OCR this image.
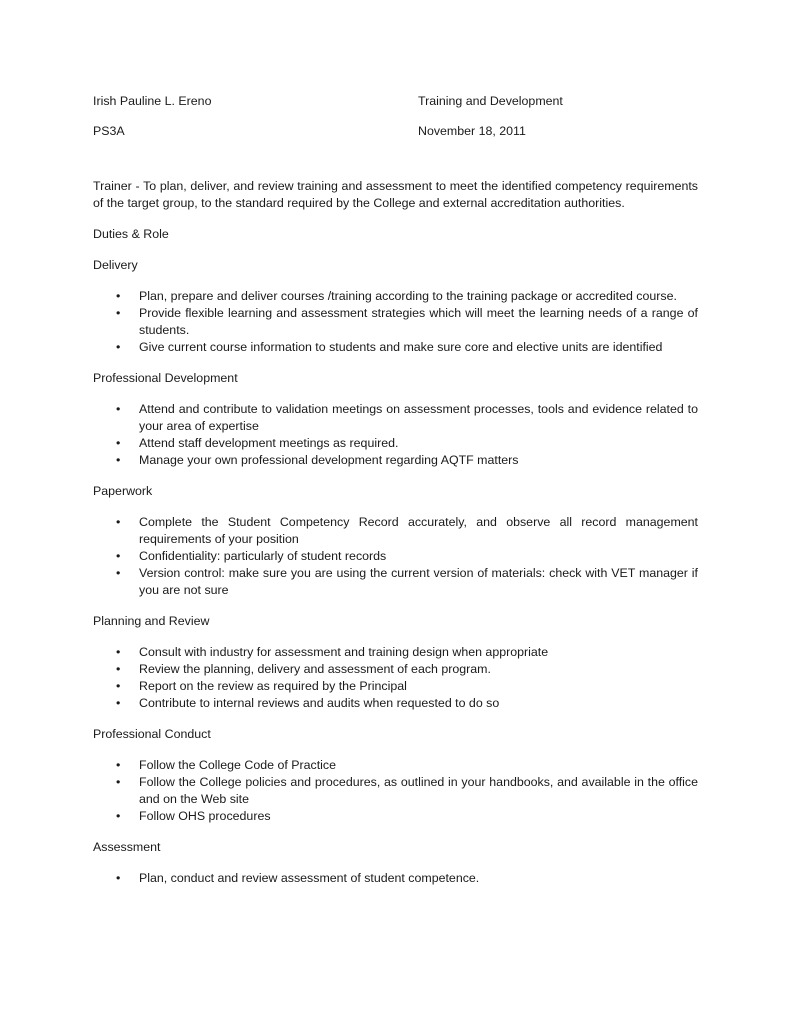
Irish Pauline L. Ereno	Training and Development
PS3A	November 18, 2011
Trainer - To plan, deliver, and review training and assessment to meet the identified competency requirements of the target group, to the standard required by the College and external accreditation authorities.
Duties & Role
Delivery
• Plan, prepare and deliver courses /training according to the training package or accredited course.
• Provide flexible learning and assessment strategies which will meet the learning needs of a range of students.
• Give current course information to students and make sure core and elective units are identified
Professional Development
• Attend and contribute to validation meetings on assessment processes, tools and evidence related to your area of expertise
• Attend staff development meetings as required.
• Manage your own professional development regarding AQTF matters
Paperwork
• Complete the Student Competency Record accurately, and observe all record management requirements of your position
• Confidentiality: particularly of student records
• Version control: make sure you are using the current version of materials: check with VET manager if you are not sure
Planning and Review
• Consult with industry for assessment and training design when appropriate
• Review the planning, delivery and assessment of each program.
• Report on the review as required by the Principal
• Contribute to internal reviews and audits when requested to do so
Professional Conduct
• Follow the College Code of Practice
• Follow the College policies and procedures, as outlined in your handbooks, and available in the office and on the Web site
• Follow OHS procedures
Assessment
• Plan, conduct and review assessment of student competence.
